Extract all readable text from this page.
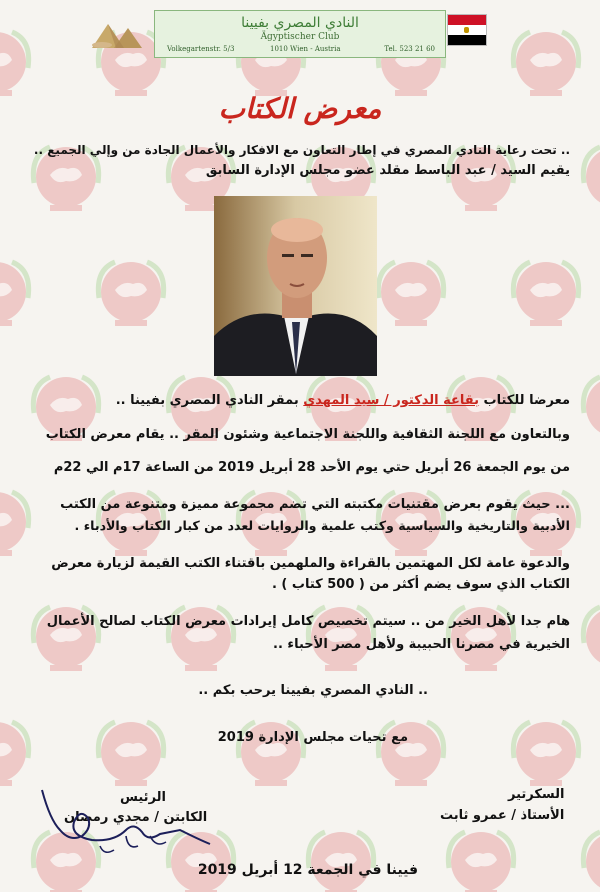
النادي المصري بفيينا
Ägyptischer Club
Volkegartenstr. 5/3	1010 Wien - Austria	Tel. 523 21 60
معرض الكتاب
.. تحت رعاية النادي المصري في إطار التعاون مع الافكار والأعمال الجادة من وإلي الجميع ..
يقيم السيد / عبد الباسط مقلد عضو مجلس الإدارة السابق
معرضا للكتاب بقاعة الدكتور / سيد المهدي بمقر النادي المصري بفيينا ..
وبالتعاون مع اللجنة الثقافية واللجنة الاجتماعية وشئون المقر .. يقام معرض الكتاب
من يوم الجمعة 26 أبريل حتي يوم الأحد 28 أبريل 2019 من الساعة 17م الي 22م
... حيث يقوم بعرض مقتنيات مكتبته التي تضم مجموعة مميزة ومتنوعة من الكتب
الأدبية والتاريخية والسياسية وكتب علمية والروايات لعدد من كبار الكتاب والأدباء .
والدعوة عامة لكل المهتمين بالقراءة والملهمين باقتناء الكتب القيمة لزيارة معرض
الكتاب الذي سوف يضم أكثر من ( 500 كتاب ) .
هام جدا لأهل الخير من .. سيتم تخصيص كامل إيرادات معرض الكتاب لصالح الأعمال
الخيرية في مصرنا الحبيبة ولأهل مصر الأحباء ..
.. النادي المصري بفيينا يرحب بكم ..
مع تحيات مجلس الإدارة 2019
السكرتير
الأستاذ / عمرو ثابت
الرئيس
الكابتن / مجدي رمضان
فيينا في الجمعة 12 أبريل 2019
